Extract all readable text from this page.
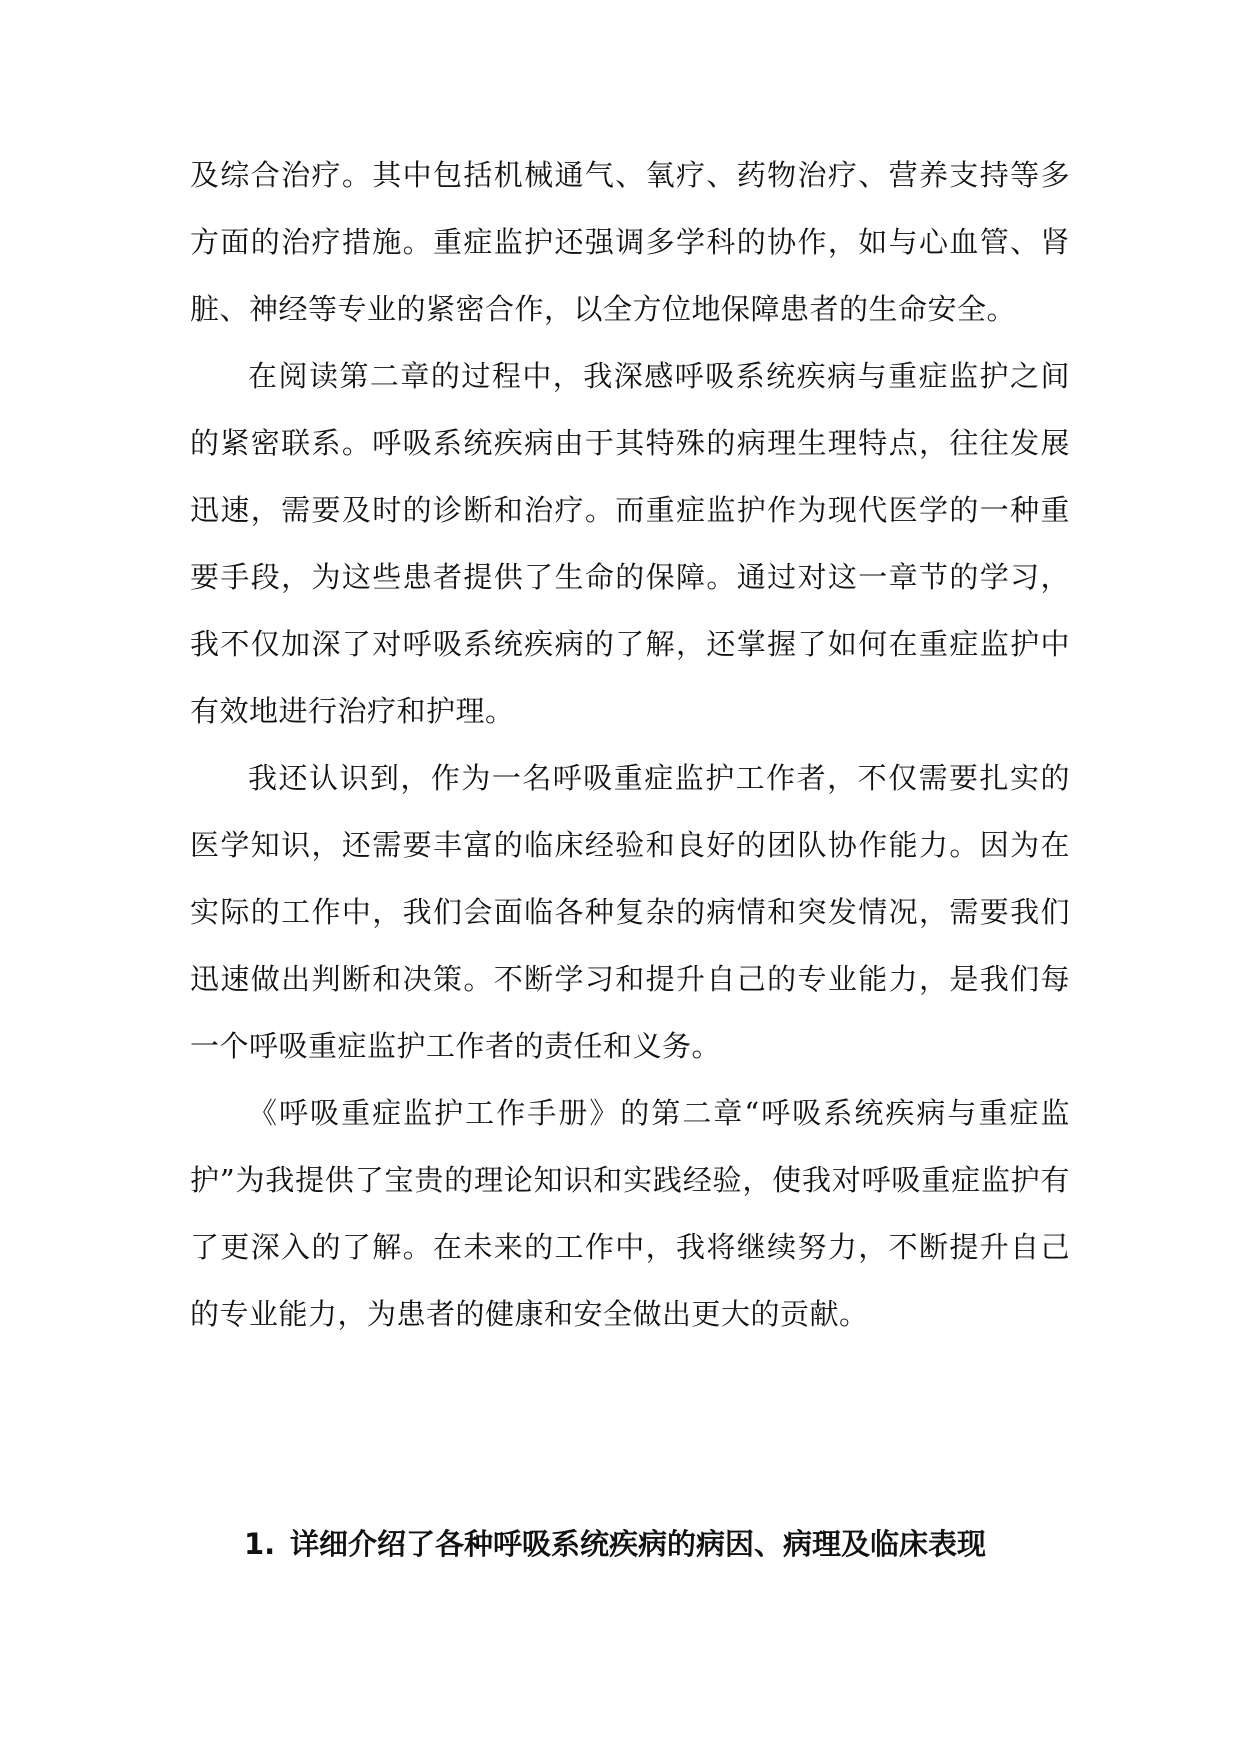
及综合治疗。其中包括机械通气、氧疗、药物治疗、营养支持等多方面的治疗措施。重症监护还强调多学科的协作，如与心血管、肾脏、神经等专业的紧密合作，以全方位地保障患者的生命安全。

在阅读第二章的过程中，我深感呼吸系统疾病与重症监护之间的紧密联系。呼吸系统疾病由于其特殊的病理生理特点，往往发展迅速，需要及时的诊断和治疗。而重症监护作为现代医学的一种重要手段，为这些患者提供了生命的保障。通过对这一章节的学习，我不仅加深了对呼吸系统疾病的了解，还掌握了如何在重症监护中有效地进行治疗和护理。

我还认识到，作为一名呼吸重症监护工作者，不仅需要扎实的医学知识，还需要丰富的临床经验和良好的团队协作能力。因为在实际的工作中，我们会面临各种复杂的病情和突发情况，需要我们迅速做出判断和决策。不断学习和提升自己的专业能力，是我们每一个呼吸重症监护工作者的责任和义务。

《呼吸重症监护工作手册》的第二章“呼吸系统疾病与重症监护”为我提供了宝贵的理论知识和实践经验，使我对呼吸重症监护有了更深入的了解。在未来的工作中，我将继续努力，不断提升自己的专业能力，为患者的健康和安全做出更大的贡献。

1. 详细介绍了各种呼吸系统疾病的病因、病理及临床表现
